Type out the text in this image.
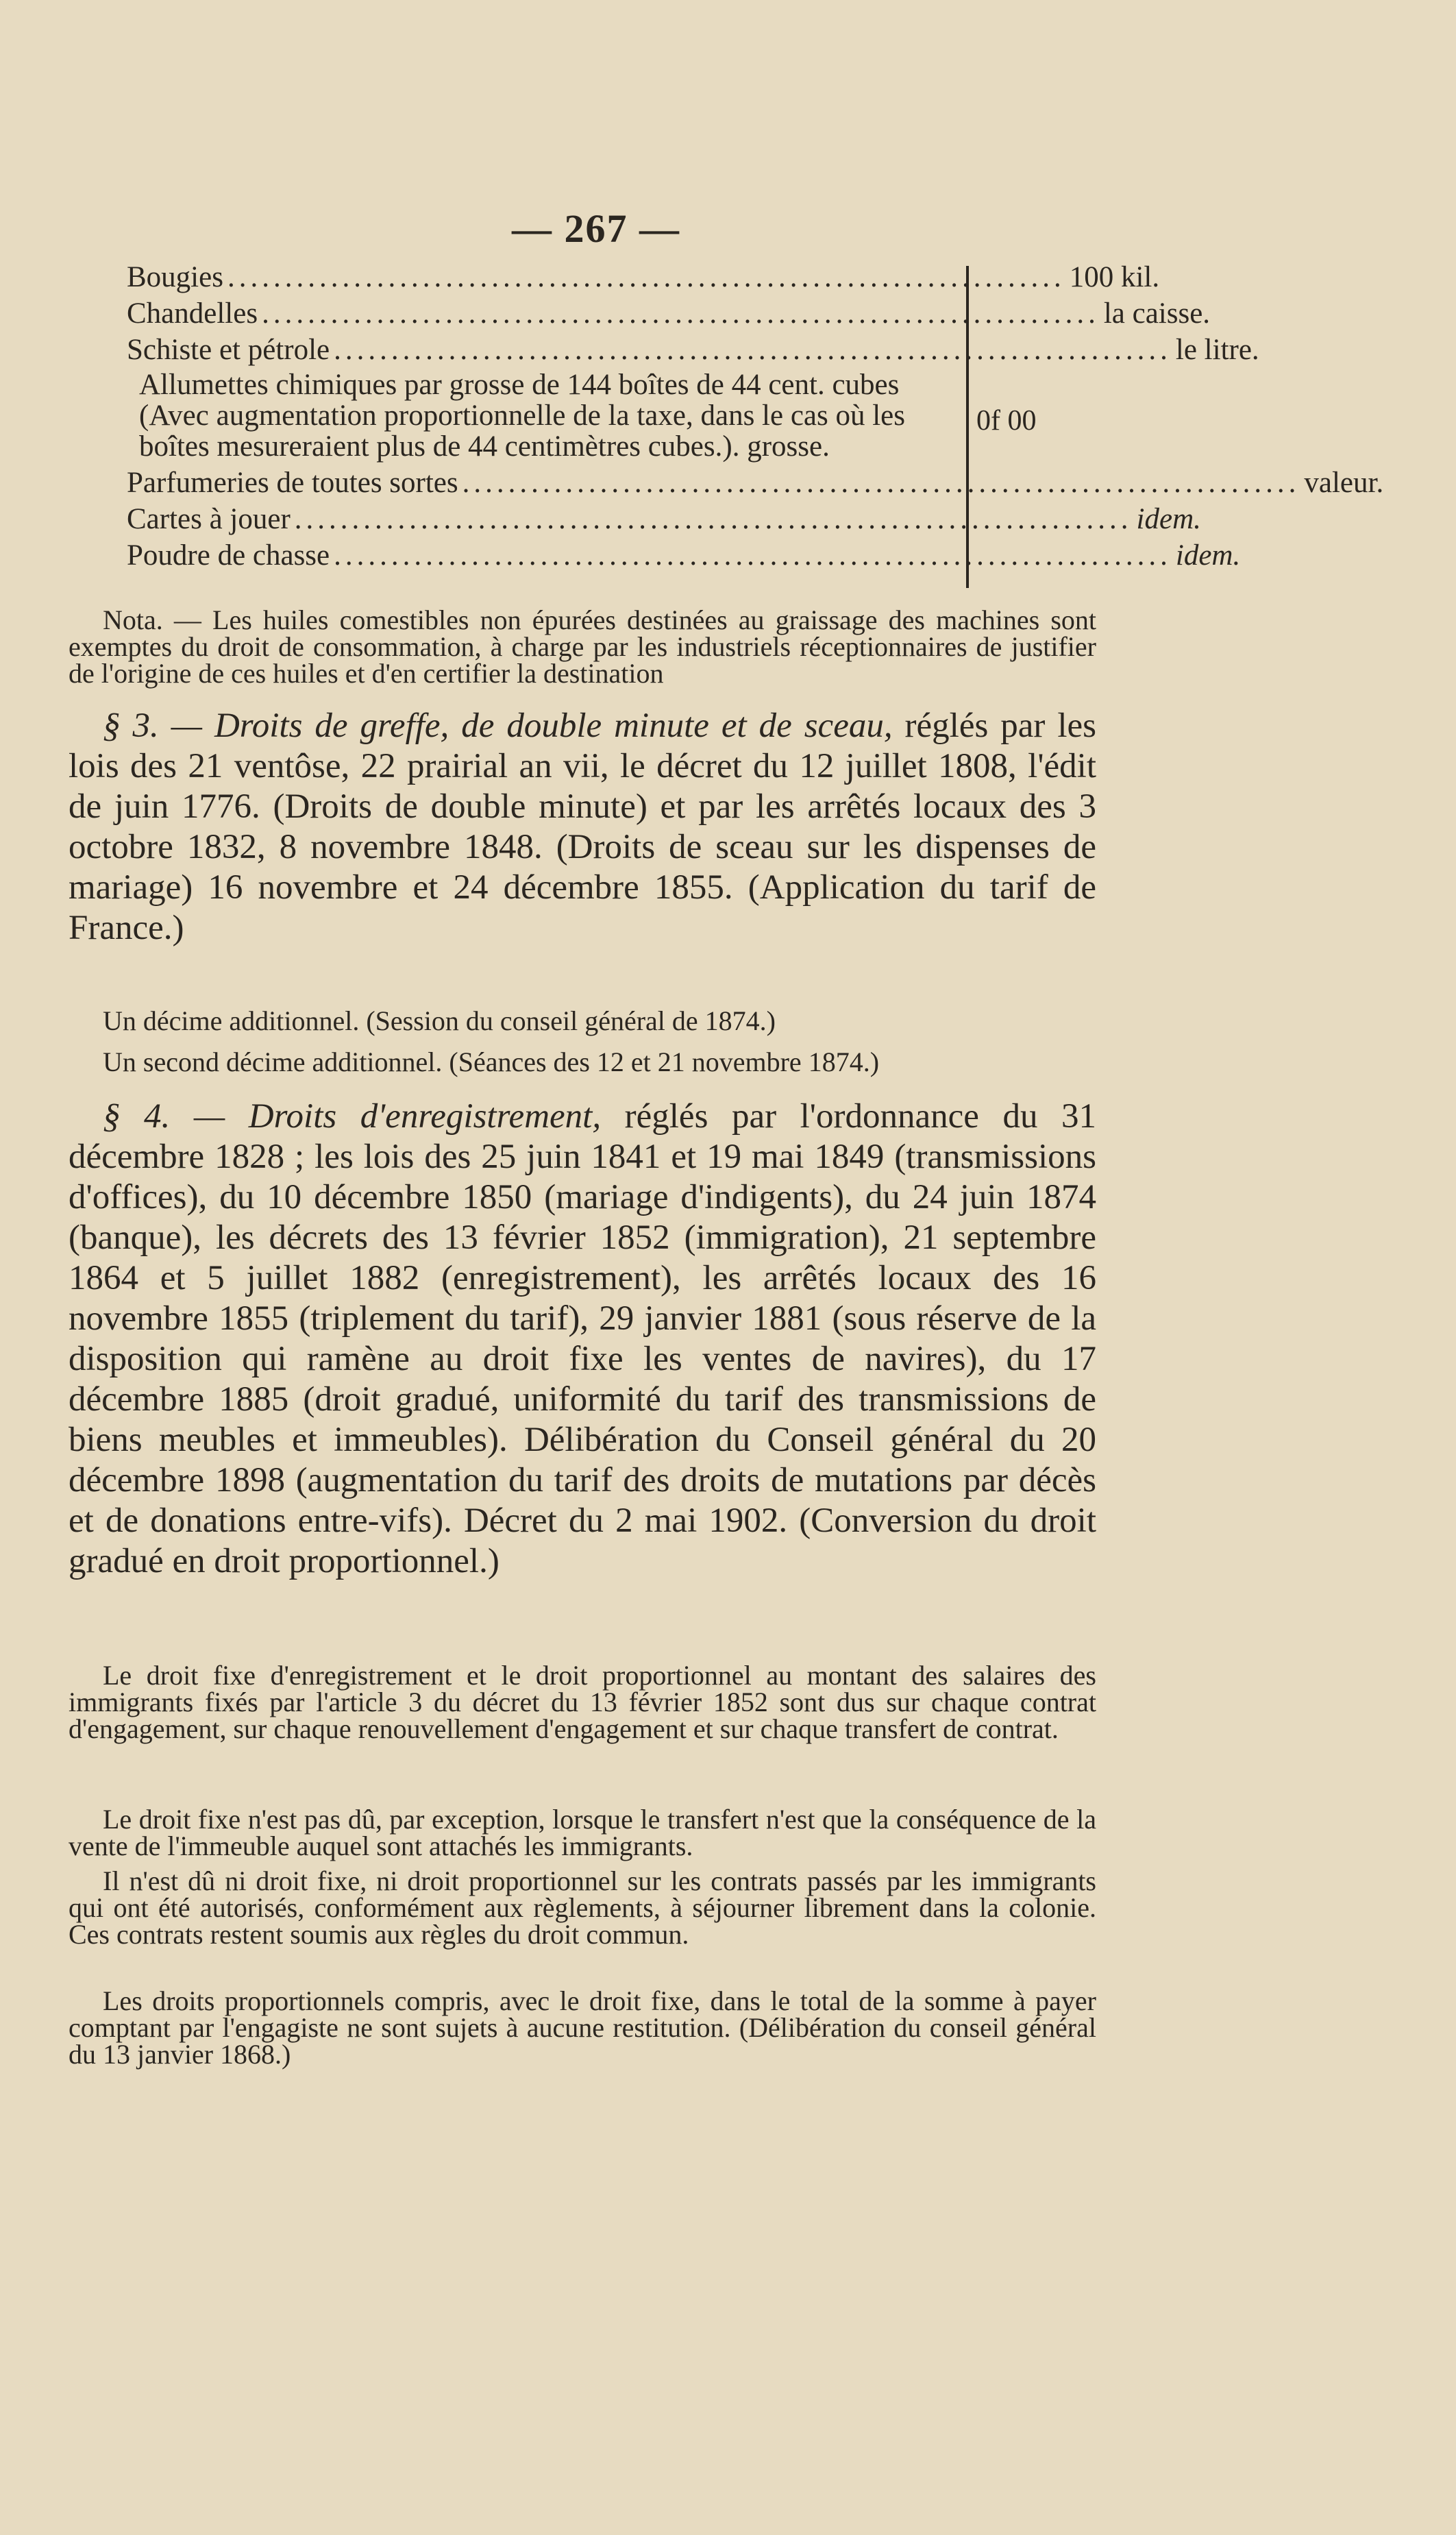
— 267 —
Bougies ......................................................................... 100 kil.
Chandelles ......................................................................... la caisse.
Schiste et pétrole ......................................................................... le litre.
Allumettes chimiques par grosse de 144 boîtes de 44 cent. cubes (Avec augmentation proportionnelle de la taxe, dans le cas où les boîtes mesureraient plus de 44 centimètres cubes.). grosse.
Parfumeries de toutes sortes ......................................................................... valeur.
Cartes à jouer ......................................................................... idem.
Poudre de chasse ......................................................................... idem.
0f 00
Nota. — Les huiles comestibles non épurées destinées au graissage des machines sont exemptes du droit de consommation, à charge par les industriels réceptionnaires de justifier de l'origine de ces huiles et d'en certifier la destination
§ 3. — Droits de greffe, de double minute et de sceau, réglés par les lois des 21 ventôse, 22 prairial an vii, le décret du 12 juillet 1808, l'édit de juin 1776. (Droits de double minute) et par les arrêtés locaux des 3 octobre 1832, 8 novembre 1848. (Droits de sceau sur les dispenses de mariage) 16 novembre et 24 décembre 1855. (Application du tarif de France.)
Un décime additionnel. (Session du conseil général de 1874.)
Un second décime additionnel. (Séances des 12 et 21 novembre 1874.)
§ 4. — Droits d'enregistrement, réglés par l'ordonnance du 31 décembre 1828 ; les lois des 25 juin 1841 et 19 mai 1849 (transmissions d'offices), du 10 décembre 1850 (mariage d'indigents), du 24 juin 1874 (banque), les décrets des 13 février 1852 (immigration), 21 septembre 1864 et 5 juillet 1882 (enregistrement), les arrêtés locaux des 16 novembre 1855 (triplement du tarif), 29 janvier 1881 (sous réserve de la disposition qui ramène au droit fixe les ventes de navires), du 17 décembre 1885 (droit gradué, uniformité du tarif des transmissions de biens meubles et immeubles). Délibération du Conseil général du 20 décembre 1898 (augmentation du tarif des droits de mutations par décès et de donations entre-vifs). Décret du 2 mai 1902. (Conversion du droit gradué en droit proportionnel.)
Le droit fixe d'enregistrement et le droit proportionnel au montant des salaires des immigrants fixés par l'article 3 du décret du 13 février 1852 sont dus sur chaque contrat d'engagement, sur chaque renouvellement d'engagement et sur chaque transfert de contrat.
Le droit fixe n'est pas dû, par exception, lorsque le transfert n'est que la conséquence de la vente de l'immeuble auquel sont attachés les immigrants.
Il n'est dû ni droit fixe, ni droit proportionnel sur les contrats passés par les immigrants qui ont été autorisés, conformément aux règlements, à séjourner librement dans la colonie. Ces contrats restent soumis aux règles du droit commun.
Les droits proportionnels compris, avec le droit fixe, dans le total de la somme à payer comptant par l'engagiste ne sont sujets à aucune restitution. (Délibération du conseil général du 13 janvier 1868.)
